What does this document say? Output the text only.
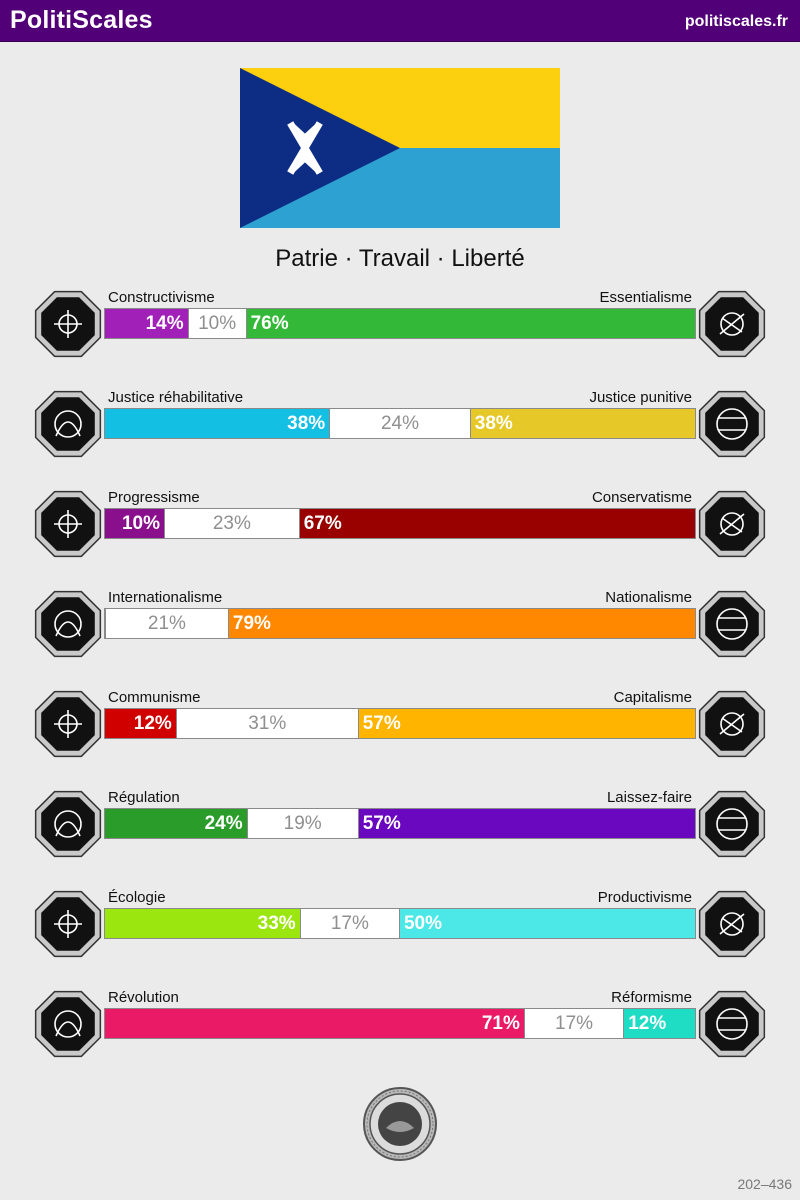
PolitiScales	politiscales.fr
Patrie · Travail · Liberté
Constructivisme	Essentialisme
14% 10% 76%
Justice réhabilitative	Justice punitive
38%	24%	38%
Progressisme	Conservatisme
10%	23%	67%
Internationalisme	Nationalisme
21%	79%
Communisme	Capitalisme
12%	31%	57%
Régulation	Laissez-faire
24%	19%	57%
Écologie	Productivisme
33%	17%	50%
Révolution	Réformisme
71%	17%	12%
202–436
